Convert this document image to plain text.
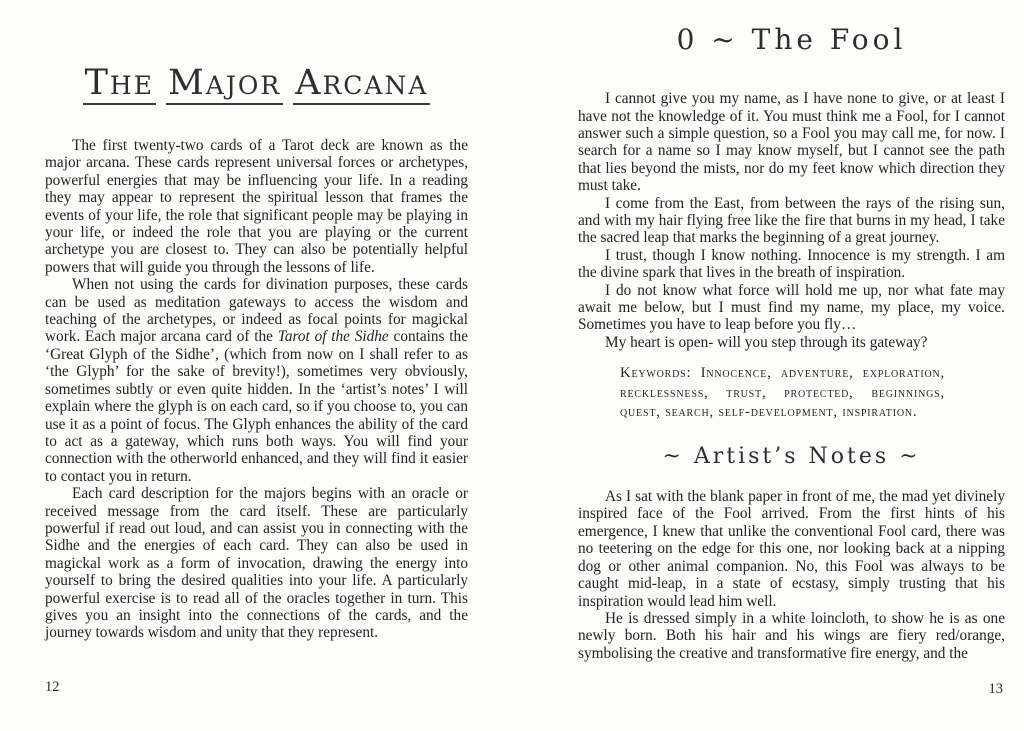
The Major Arcana

The first twenty-two cards of a Tarot deck are known as the major arcana. These cards represent universal forces or archetypes, powerful energies that may be influencing your life. In a reading they may appear to represent the spiritual lesson that frames the events of your life, the role that significant people may be playing in your life, or indeed the role that you are playing or the current archetype you are closest to. They can also be potentially helpful powers that will guide you through the lessons of life.

When not using the cards for divination purposes, these cards can be used as meditation gateways to access the wisdom and teaching of the archetypes, or indeed as focal points for magickal work. Each major arcana card of the Tarot of the Sidhe contains the ‘Great Glyph of the Sidhe’, (which from now on I shall refer to as ‘the Glyph’ for the sake of brevity!), sometimes very obviously, sometimes subtly or even quite hidden. In the ‘artist’s notes’ I will explain where the glyph is on each card, so if you choose to, you can use it as a point of focus. The Glyph enhances the ability of the card to act as a gateway, which runs both ways. You will find your connection with the otherworld enhanced, and they will find it easier to contact you in return.

Each card description for the majors begins with an oracle or received message from the card itself. These are particularly powerful if read out loud, and can assist you in connecting with the Sidhe and the energies of each card. They can also be used in magickal work as a form of invocation, drawing the energy into yourself to bring the desired qualities into your life. A particularly powerful exercise is to read all of the oracles together in turn. This gives you an insight into the connections of the cards, and the journey towards wisdom and unity that they represent.

12
0 ~ The Fool

I cannot give you my name, as I have none to give, or at least I have not the knowledge of it. You must think me a Fool, for I cannot answer such a simple question, so a Fool you may call me, for now. I search for a name so I may know myself, but I cannot see the path that lies beyond the mists, nor do my feet know which direction they must take.

I come from the East, from between the rays of the rising sun, and with my hair flying free like the fire that burns in my head, I take the sacred leap that marks the beginning of a great journey.

I trust, though I know nothing. Innocence is my strength. I am the divine spark that lives in the breath of inspiration.

I do not know what force will hold me up, nor what fate may await me below, but I must find my name, my place, my voice. Sometimes you have to leap before you fly…

My heart is open- will you step through its gateway?

Keywords: Innocence, adventure, exploration, recklessness, trust, protected, beginnings, quest, search, self-development, inspiration.

~ Artist’s Notes ~

As I sat with the blank paper in front of me, the mad yet divinely inspired face of the Fool arrived. From the first hints of his emergence, I knew that unlike the conventional Fool card, there was no teetering on the edge for this one, nor looking back at a nipping dog or other animal companion. No, this Fool was always to be caught mid-leap, in a state of ecstasy, simply trusting that his inspiration would lead him well.

He is dressed simply in a white loincloth, to show he is as one newly born. Both his hair and his wings are fiery red/orange, symbolising the creative and transformative fire energy, and the

13
